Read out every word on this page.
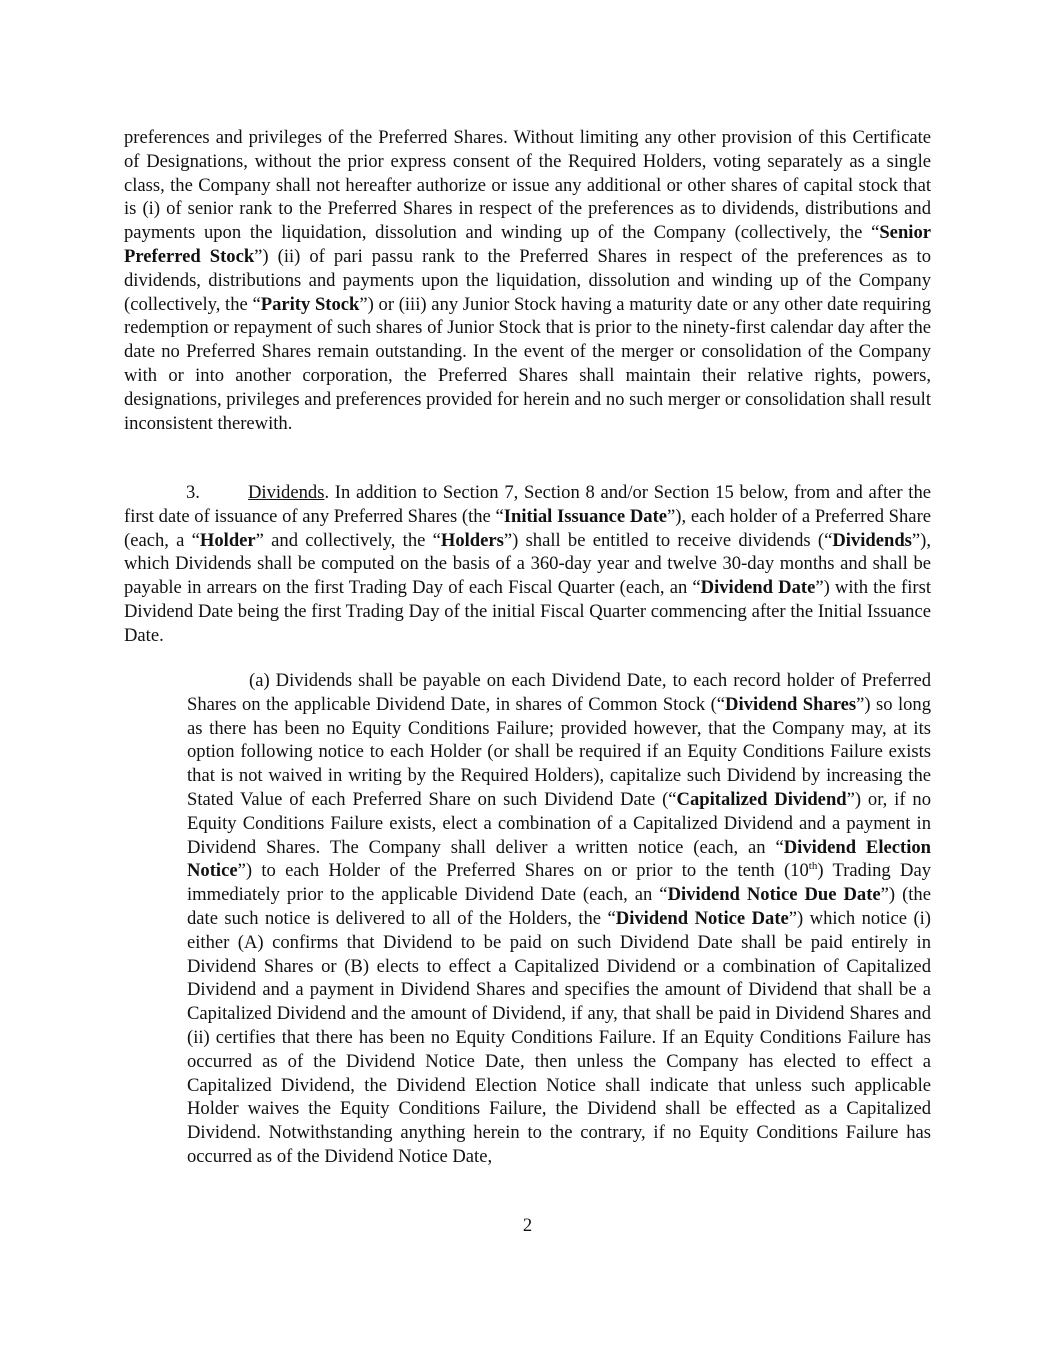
preferences and privileges of the Preferred Shares. Without limiting any other provision of this Certificate of Designations, without the prior express consent of the Required Holders, voting separately as a single class, the Company shall not hereafter authorize or issue any additional or other shares of capital stock that is (i) of senior rank to the Preferred Shares in respect of the preferences as to dividends, distributions and payments upon the liquidation, dissolution and winding up of the Company (collectively, the “Senior Preferred Stock”) (ii) of pari passu rank to the Preferred Shares in respect of the preferences as to dividends, distributions and payments upon the liquidation, dissolution and winding up of the Company (collectively, the “Parity Stock”) or (iii) any Junior Stock having a maturity date or any other date requiring redemption or repayment of such shares of Junior Stock that is prior to the ninety-first calendar day after the date no Preferred Shares remain outstanding. In the event of the merger or consolidation of the Company with or into another corporation, the Preferred Shares shall maintain their relative rights, powers, designations, privileges and preferences provided for herein and no such merger or consolidation shall result inconsistent therewith.

3.	Dividends. In addition to Section 7, Section 8 and/or Section 15 below, from and after the first date of issuance of any Preferred Shares (the “Initial Issuance Date”), each holder of a Preferred Share (each, a “Holder” and collectively, the “Holders”) shall be entitled to receive dividends (“Dividends”), which Dividends shall be computed on the basis of a 360-day year and twelve 30-day months and shall be payable in arrears on the first Trading Day of each Fiscal Quarter (each, an “Dividend Date”) with the first Dividend Date being the first Trading Day of the initial Fiscal Quarter commencing after the Initial Issuance Date.

(a) Dividends shall be payable on each Dividend Date, to each record holder of Preferred Shares on the applicable Dividend Date, in shares of Common Stock (“Dividend Shares”) so long as there has been no Equity Conditions Failure; provided however, that the Company may, at its option following notice to each Holder (or shall be required if an Equity Conditions Failure exists that is not waived in writing by the Required Holders), capitalize such Dividend by increasing the Stated Value of each Preferred Share on such Dividend Date (“Capitalized Dividend”) or, if no Equity Conditions Failure exists, elect a combination of a Capitalized Dividend and a payment in Dividend Shares. The Company shall deliver a written notice (each, an “Dividend Election Notice”) to each Holder of the Preferred Shares on or prior to the tenth (10th) Trading Day immediately prior to the applicable Dividend Date (each, an “Dividend Notice Due Date”) (the date such notice is delivered to all of the Holders, the “Dividend Notice Date”) which notice (i) either (A) confirms that Dividend to be paid on such Dividend Date shall be paid entirely in Dividend Shares or (B) elects to effect a Capitalized Dividend or a combination of Capitalized Dividend and a payment in Dividend Shares and specifies the amount of Dividend that shall be a Capitalized Dividend and the amount of Dividend, if any, that shall be paid in Dividend Shares and (ii) certifies that there has been no Equity Conditions Failure. If an Equity Conditions Failure has occurred as of the Dividend Notice Date, then unless the Company has elected to effect a Capitalized Dividend, the Dividend Election Notice shall indicate that unless such applicable Holder waives the Equity Conditions Failure, the Dividend shall be effected as a Capitalized Dividend. Notwithstanding anything herein to the contrary, if no Equity Conditions Failure has occurred as of the Dividend Notice Date,

2
